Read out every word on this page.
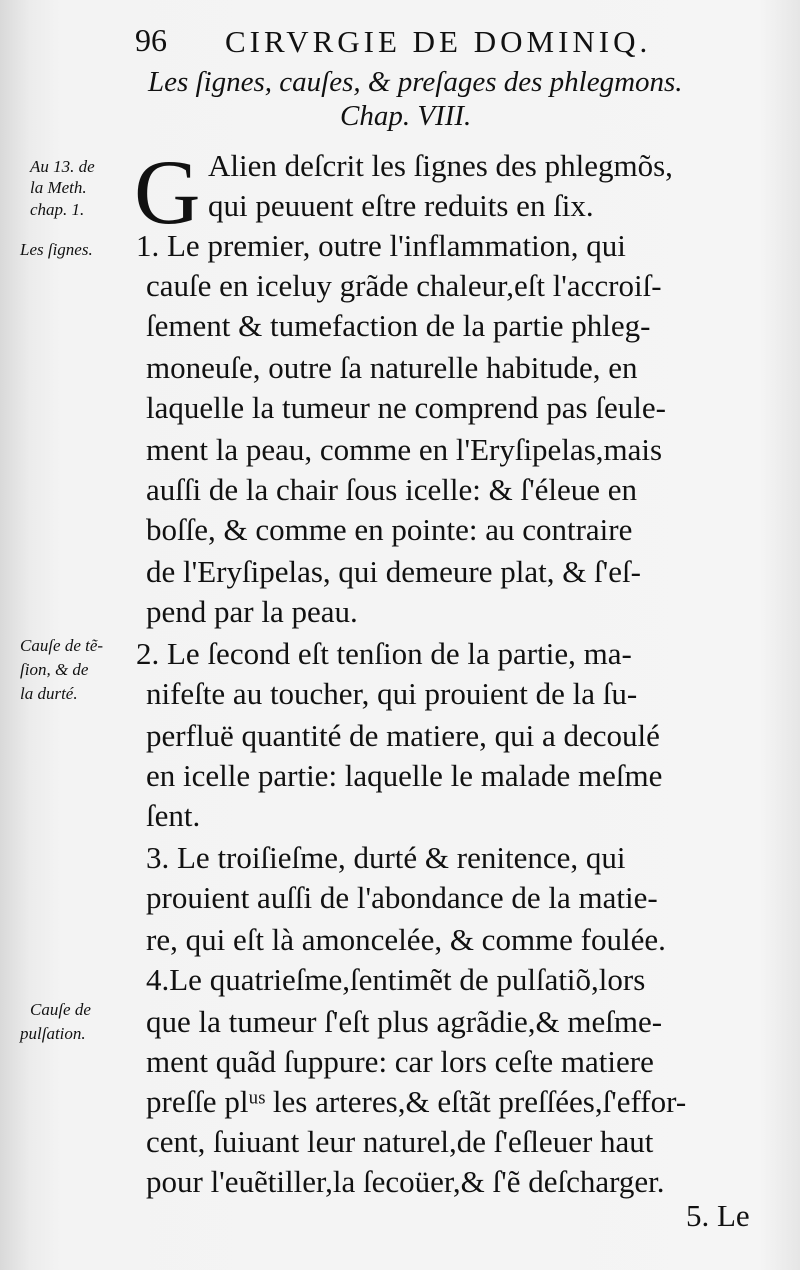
96 CIRVRGIE DE DOMINIQ.
Les ſignes, cauſes, & preſages des phlegmons.
Chap. VIII.
Au 13. de
la Meth.
chap. 1.
Les ſignes.
Cauſe de tẽ-
ſion, & de
la durté.
Cauſe de
pulſation.
G Alien deſcrit les ſignes des phlegmõs,
qui peuuent eſtre reduits en ſix.
1. Le premier, outre l'inflammation, qui
cauſe en iceluy grãde chaleur,eſt l'accroiſ-
ſement & tumefaction de la partie phleg-
moneuſe, outre ſa naturelle habitude, en
laquelle la tumeur ne comprend pas ſeule-
ment la peau, comme en l'Eryſipelas,mais
auſſi de la chair ſous icelle: & ſ'éleue en
boſſe, & comme en pointe: au contraire
de l'Eryſipelas, qui demeure plat, & ſ'eſ-
pend par la peau.
2. Le ſecond eſt tenſion de la partie, ma-
nifeſte au toucher, qui prouient de la ſu-
perfluë quantité de matiere, qui a decoulé
en icelle partie: laquelle le malade meſme
ſent.
3. Le troiſieſme, durté & renitence, qui
prouient auſſi de l'abondance de la matie-
re, qui eſt là amoncelée, & comme foulée.
4.Le quatrieſme,ſentimẽt de pulſatiõ,lors
que la tumeur ſ'eſt plus agrãdie,& meſme-
ment quãd ſuppure: car lors ceſte matiere
preſſe plᵘˢ les arteres,& eſtãt preſſées,ſ'effor-
cent, ſuiuant leur naturel,de ſ'eſleuer haut
pour l'euẽtiller,la ſecoüer,& ſ'ẽ deſcharger.
5. Le
